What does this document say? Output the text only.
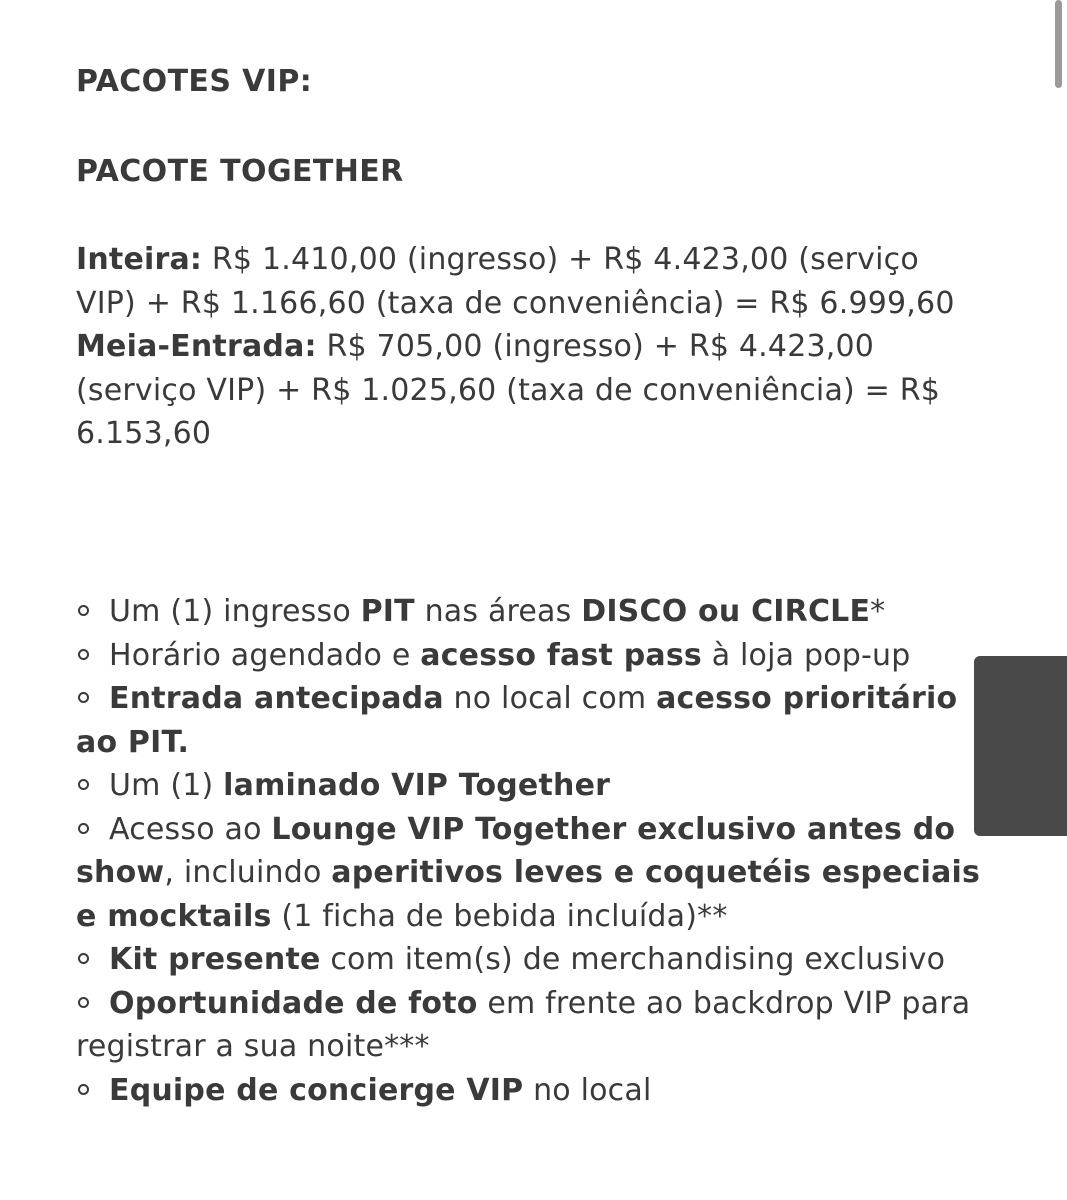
PACOTES VIP:
PACOTE TOGETHER

Inteira: R$ 1.410,00 (ingresso) + R$ 4.423,00 (serviço VIP) + R$ 1.166,60 (taxa de conveniência) = R$ 6.999,60

Meia-Entrada: R$ 705,00 (ingresso) + R$ 4.423,00 (serviço VIP) + R$ 1.025,60 (taxa de conveniência) = R$ 6.153,60

Um (1) ingresso PIT nas áreas DISCO ou CIRCLE*
Horário agendado e acesso fast pass à loja pop-up
Entrada antecipada no local com acesso prioritário ao PIT.
Um (1) laminado VIP Together
Acesso ao Lounge VIP Together exclusivo antes do show, incluindo aperitivos leves e coquetéis especiais e mocktails (1 ficha de bebida incluída)**
Kit presente com item(s) de merchandising exclusivo
Oportunidade de foto em frente ao backdrop VIP para registrar a sua noite***
Equipe de concierge VIP no local
A-
A+
